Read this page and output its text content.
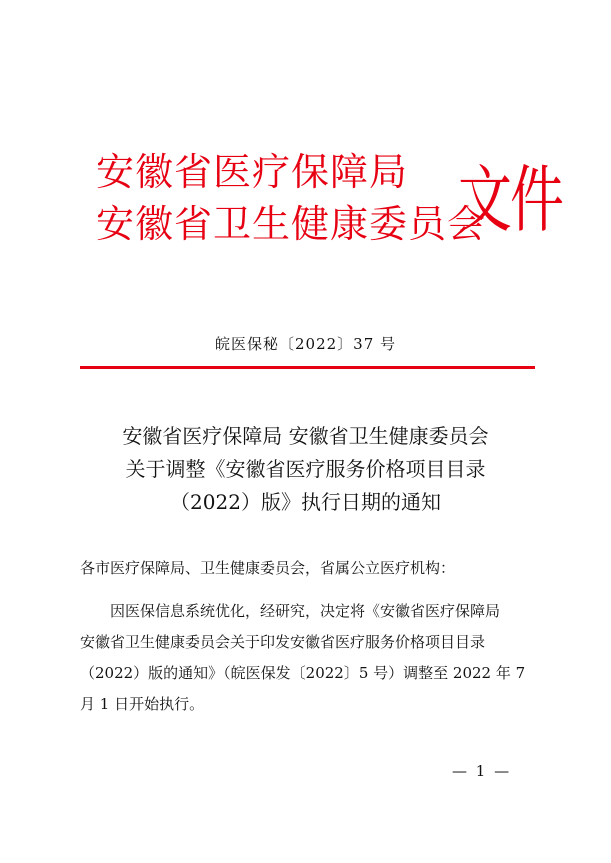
安徽省医疗保障局
安徽省卫生健康委员会
文件
皖医保秘〔2022〕37 号
安徽省医疗保障局 安徽省卫生健康委员会
关于调整《安徽省医疗服务价格项目目录
（2022）版》执行日期的通知
各市医疗保障局、卫生健康委员会，省属公立医疗机构：
因医保信息系统优化，经研究，决定将《安徽省医疗保障局
安徽省卫生健康委员会关于印发安徽省医疗服务价格项目目录
（2022）版的通知》（皖医保发〔2022〕5 号）调整至 2022 年 7
月 1 日开始执行。
— 1 —
